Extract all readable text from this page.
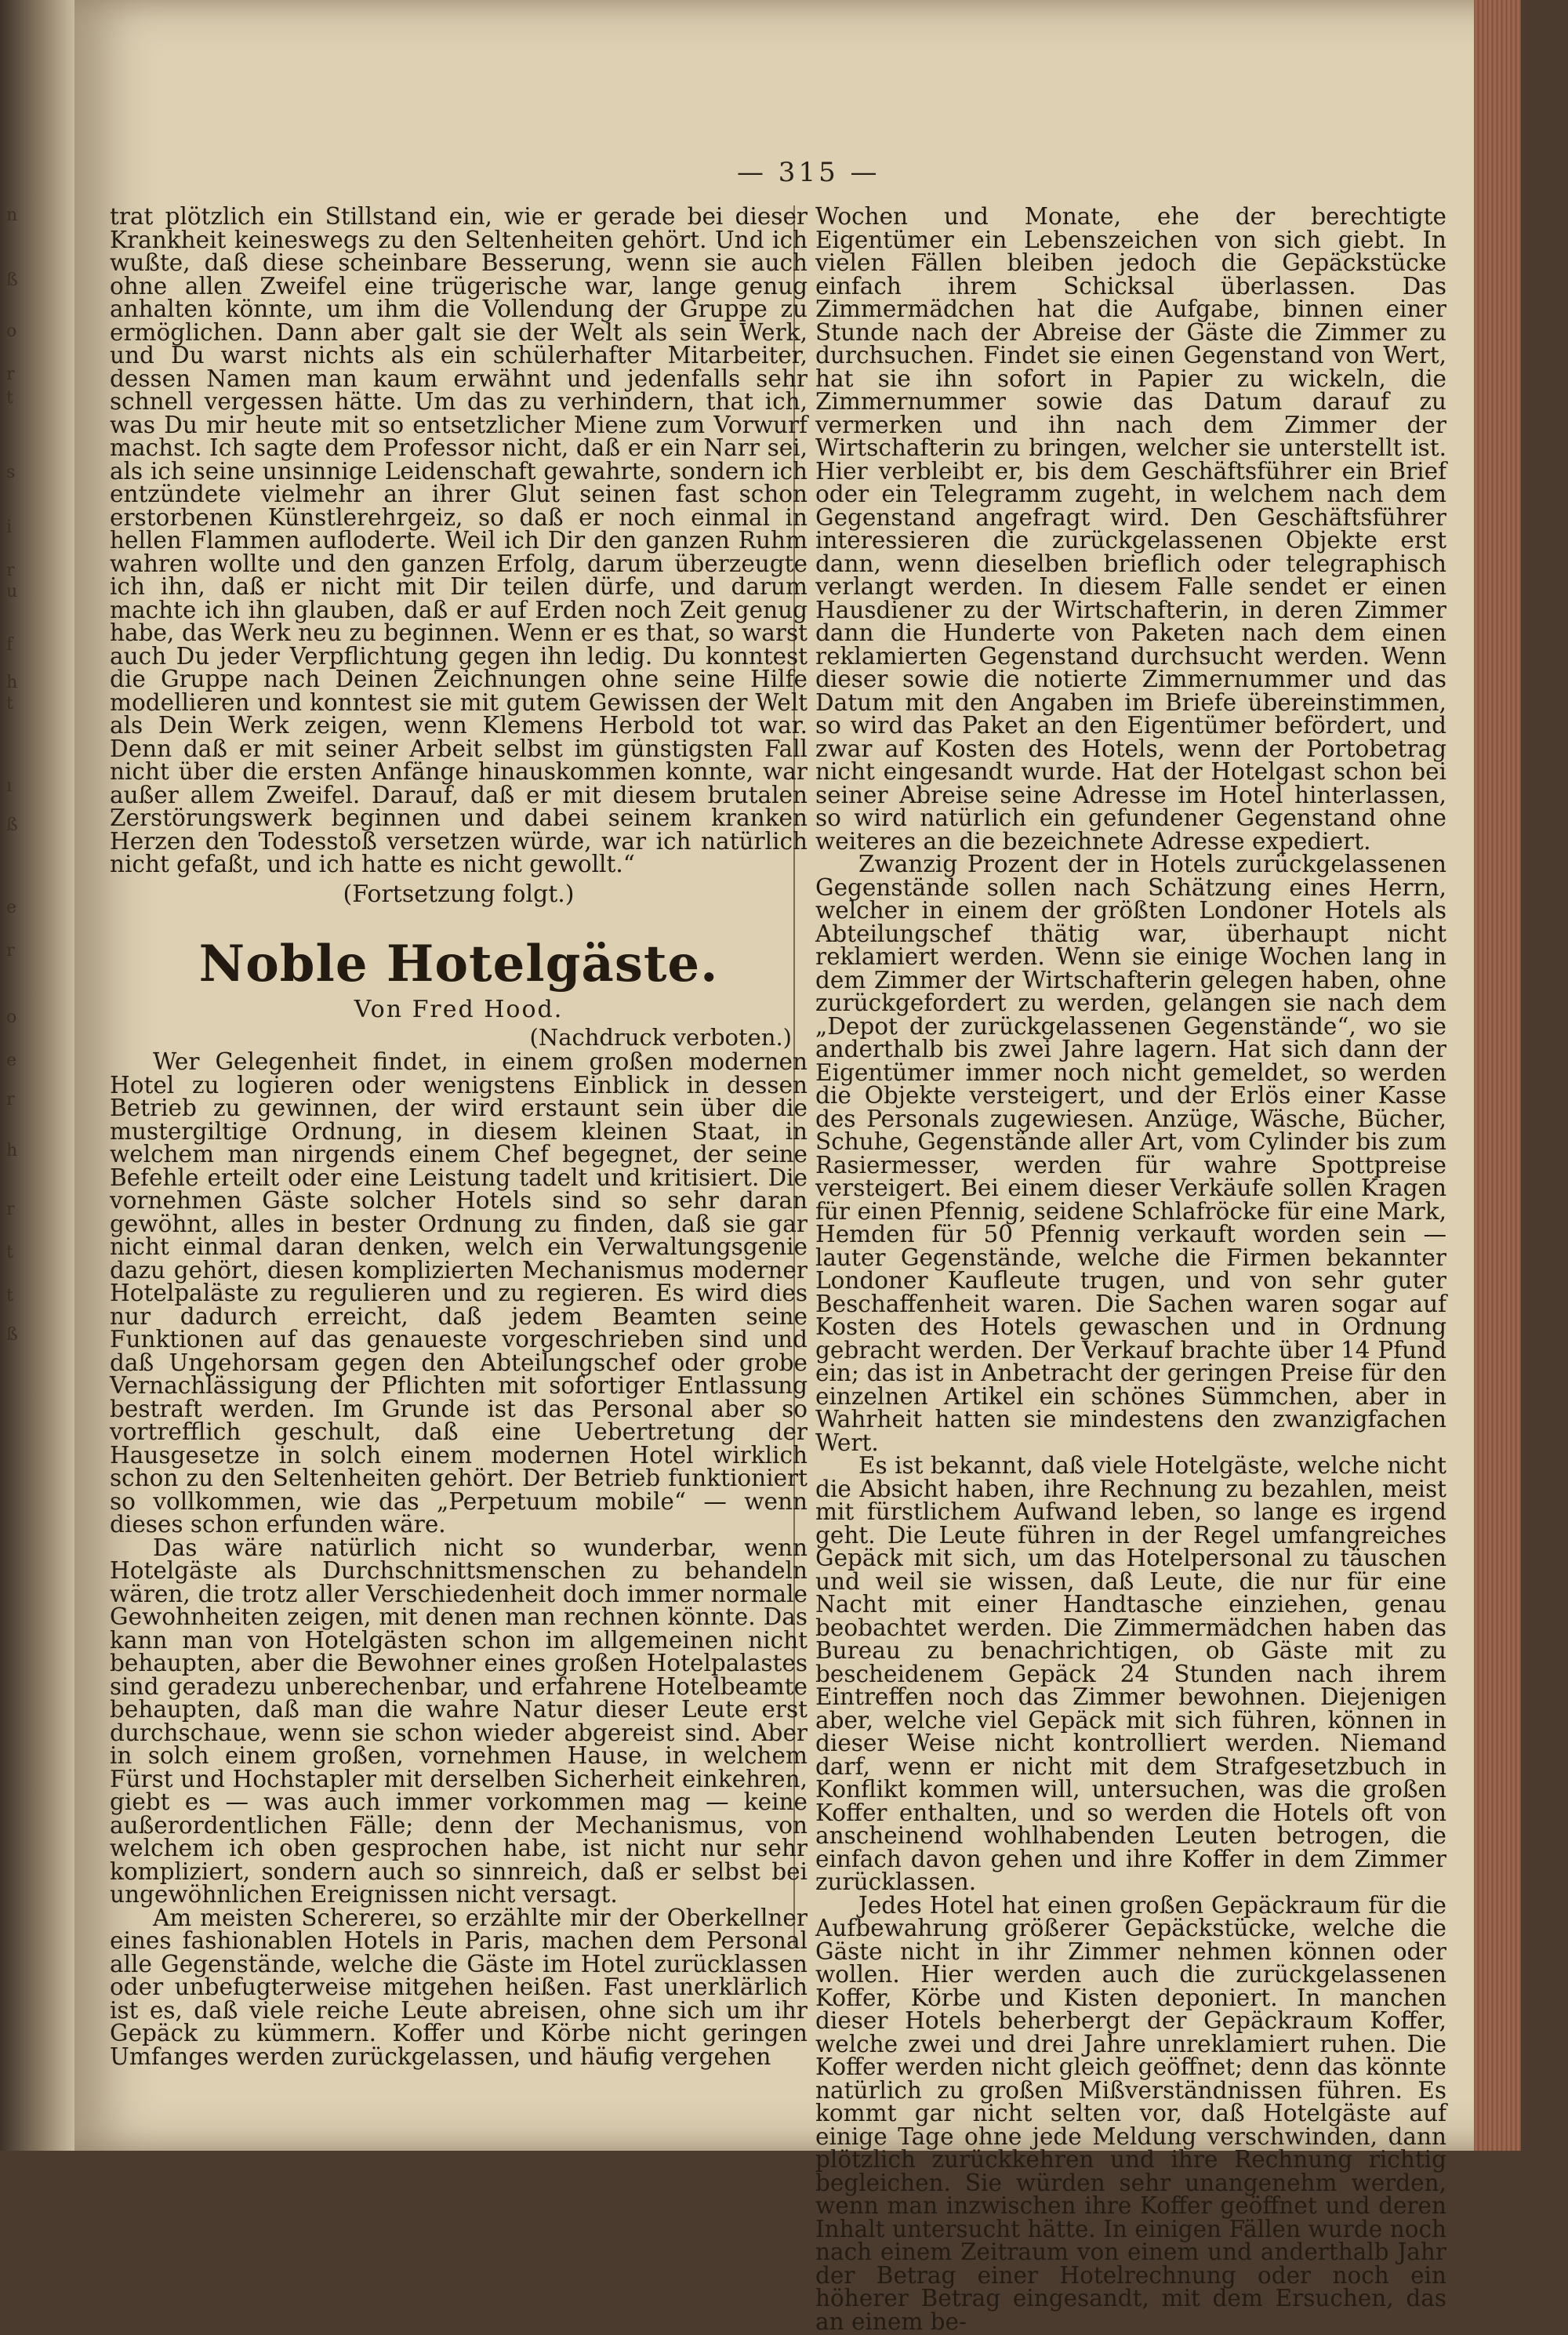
n
ß
o
r
t
s
i
r
u
f
h
t
ı
ß
e
r
o
e
r
h
r
t
t
ß
— 315 —

trat plötzlich ein Stillstand ein, wie er gerade bei dieser Krankheit keineswegs zu den Seltenheiten gehört. Und ich wußte, daß diese scheinbare Besserung, wenn sie auch ohne allen Zweifel eine trügerische war, lange genug anhalten könnte, um ihm die Vollendung der Gruppe zu ermöglichen. Dann aber galt sie der Welt als sein Werk, und Du warst nichts als ein schülerhafter Mitarbeiter, dessen Namen man kaum erwähnt und jedenfalls sehr schnell vergessen hätte. Um das zu verhindern, that ich, was Du mir heute mit so entsetzlicher Miene zum Vorwurf machst. Ich sagte dem Professor nicht, daß er ein Narr sei, als ich seine unsinnige Leidenschaft gewahrte, sondern ich entzündete vielmehr an ihrer Glut seinen fast schon erstorbenen Künstlerehrgeiz, so daß er noch einmal in hellen Flammen aufloderte. Weil ich Dir den ganzen Ruhm wahren wollte und den ganzen Erfolg, darum überzeugte ich ihn, daß er nicht mit Dir teilen dürfe, und darum machte ich ihn glauben, daß er auf Erden noch Zeit genug habe, das Werk neu zu beginnen. Wenn er es that, so warst auch Du jeder Verpflichtung gegen ihn ledig. Du konntest die Gruppe nach Deinen Zeichnungen ohne seine Hilfe modellieren und konntest sie mit gutem Gewissen der Welt als Dein Werk zeigen, wenn Klemens Herbold tot war. Denn daß er mit seiner Arbeit selbst im günstigsten Fall nicht über die ersten Anfänge hinauskommen konnte, war außer allem Zweifel. Darauf, daß er mit diesem brutalen Zerstörungswerk beginnen und dabei seinem kranken Herzen den Todesstoß versetzen würde, war ich natürlich nicht gefaßt, und ich hatte es nicht gewollt.“

(Fortsetzung folgt.)
Noble Hotelgäste.
Von Fred Hood.
(Nachdruck verboten.)

Wer Gelegenheit findet, in einem großen modernen Hotel zu logieren oder wenigstens Einblick in dessen Betrieb zu gewinnen, der wird erstaunt sein über die mustergiltige Ordnung, in diesem kleinen Staat, in welchem man nirgends einem Chef begegnet, der seine Befehle erteilt oder eine Leistung tadelt und kritisiert. Die vornehmen Gäste solcher Hotels sind so sehr daran gewöhnt, alles in bester Ordnung zu finden, daß sie gar nicht einmal daran denken, welch ein Verwaltungsgenie dazu gehört, diesen komplizierten Mechanismus moderner Hotelpaläste zu regulieren und zu regieren. Es wird dies nur dadurch erreicht, daß jedem Beamten seine Funktionen auf das genaueste vorgeschrieben sind und daß Ungehorsam gegen den Abteilungschef oder grobe Vernachlässigung der Pflichten mit sofortiger Entlassung bestraft werden. Im Grunde ist das Personal aber so vortrefflich geschult, daß eine Uebertretung der Hausgesetze in solch einem modernen Hotel wirklich schon zu den Seltenheiten gehört. Der Betrieb funktioniert so vollkommen, wie das „Perpetuum mobile“ — wenn dieses schon erfunden wäre.

Das wäre natürlich nicht so wunderbar, wenn Hotelgäste als Durchschnittsmenschen zu behandeln wären, die trotz aller Verschiedenheit doch immer normale Gewohnheiten zeigen, mit denen man rechnen könnte. Das kann man von Hotelgästen schon im allgemeinen nicht behaupten, aber die Bewohner eines großen Hotelpalastes sind geradezu unberechenbar, und erfahrene Hotelbeamte behaupten, daß man die wahre Natur dieser Leute erst durchschaue, wenn sie schon wieder abgereist sind. Aber in solch einem großen, vornehmen Hause, in welchem Fürst und Hochstapler mit derselben Sicherheit einkehren, giebt es — was auch immer vorkommen mag — keine außerordentlichen Fälle; denn der Mechanismus, von welchem ich oben gesprochen habe, ist nicht nur sehr kompliziert, sondern auch so sinnreich, daß er selbst bei ungewöhnlichen Ereignissen nicht versagt.

Am meisten Scherereı, so erzählte mir der Oberkellner eines fashionablen Hotels in Paris, machen dem Personal alle Gegenstände, welche die Gäste im Hotel zurücklassen oder unbefugterweise mitgehen heißen. Fast unerklärlich ist es, daß viele reiche Leute abreisen, ohne sich um ihr Gepäck zu kümmern. Koffer und Körbe nicht geringen Umfanges werden zurückgelassen, und häufig vergehen

Wochen und Monate, ehe der berechtigte Eigentümer ein Lebenszeichen von sich giebt. In vielen Fällen bleiben jedoch die Gepäckstücke einfach ihrem Schicksal überlassen. Das Zimmermädchen hat die Aufgabe, binnen einer Stunde nach der Abreise der Gäste die Zimmer zu durchsuchen. Findet sie einen Gegenstand von Wert, hat sie ihn sofort in Papier zu wickeln, die Zimmernummer sowie das Datum darauf zu vermerken und ihn nach dem Zimmer der Wirtschafterin zu bringen, welcher sie unterstellt ist. Hier verbleibt er, bis dem Geschäftsführer ein Brief oder ein Telegramm zugeht, in welchem nach dem Gegenstand angefragt wird. Den Geschäftsführer interessieren die zurückgelassenen Objekte erst dann, wenn dieselben brieflich oder telegraphisch verlangt werden. In diesem Falle sendet er einen Hausdiener zu der Wirtschafterin, in deren Zimmer dann die Hunderte von Paketen nach dem einen reklamierten Gegenstand durchsucht werden. Wenn dieser sowie die notierte Zimmernummer und das Datum mit den Angaben im Briefe übereinstimmen, so wird das Paket an den Eigentümer befördert, und zwar auf Kosten des Hotels, wenn der Portobetrag nicht eingesandt wurde. Hat der Hotelgast schon bei seiner Abreise seine Adresse im Hotel hinterlassen, so wird natürlich ein gefundener Gegenstand ohne weiteres an die bezeichnete Adresse expediert.

Zwanzig Prozent der in Hotels zurückgelassenen Gegenstände sollen nach Schätzung eines Herrn, welcher in einem der größten Londoner Hotels als Abteilungschef thätig war, überhaupt nicht reklamiert werden. Wenn sie einige Wochen lang in dem Zimmer der Wirtschafterin gelegen haben, ohne zurückgefordert zu werden, gelangen sie nach dem „Depot der zurückgelassenen Gegenstände“, wo sie anderthalb bis zwei Jahre lagern. Hat sich dann der Eigentümer immer noch nicht gemeldet, so werden die Objekte versteigert, und der Erlös einer Kasse des Personals zugewiesen. Anzüge, Wäsche, Bücher, Schuhe, Gegenstände aller Art, vom Cylinder bis zum Rasiermesser, werden für wahre Spottpreise versteigert. Bei einem dieser Verkäufe sollen Kragen für einen Pfennig, seidene Schlafröcke für eine Mark, Hemden für 50 Pfennig verkauft worden sein — lauter Gegenstände, welche die Firmen bekannter Londoner Kaufleute trugen, und von sehr guter Beschaffenheit waren. Die Sachen waren sogar auf Kosten des Hotels gewaschen und in Ordnung gebracht werden. Der Verkauf brachte über 14 Pfund ein; das ist in Anbetracht der geringen Preise für den einzelnen Artikel ein schönes Sümmchen, aber in Wahrheit hatten sie mindestens den zwanzigfachen Wert.

Es ist bekannt, daß viele Hotelgäste, welche nicht die Absicht haben, ihre Rechnung zu bezahlen, meist mit fürstlichem Aufwand leben, so lange es irgend geht. Die Leute führen in der Regel umfangreiches Gepäck mit sich, um das Hotelpersonal zu täuschen und weil sie wissen, daß Leute, die nur für eine Nacht mit einer Handtasche einziehen, genau beobachtet werden. Die Zimmermädchen haben das Bureau zu benachrichtigen, ob Gäste mit zu bescheidenem Gepäck 24 Stunden nach ihrem Eintreffen noch das Zimmer bewohnen. Diejenigen aber, welche viel Gepäck mit sich führen, können in dieser Weise nicht kontrolliert werden. Niemand darf, wenn er nicht mit dem Strafgesetzbuch in Konflikt kommen will, untersuchen, was die großen Koffer enthalten, und so werden die Hotels oft von anscheinend wohlhabenden Leuten betrogen, die einfach davon gehen und ihre Koffer in dem Zimmer zurücklassen.

Jedes Hotel hat einen großen Gepäckraum für die Aufbewahrung größerer Gepäckstücke, welche die Gäste nicht in ihr Zimmer nehmen können oder wollen. Hier werden auch die zurückgelassenen Koffer, Körbe und Kisten deponiert. In manchen dieser Hotels beherbergt der Gepäckraum Koffer, welche zwei und drei Jahre unreklamiert ruhen. Die Koffer werden nicht gleich geöffnet; denn das könnte natürlich zu großen Mißverständnissen führen. Es kommt gar nicht selten vor, daß Hotelgäste auf einige Tage ohne jede Meldung verschwinden, dann plötzlich zurückkehren und ihre Rechnung richtig begleichen. Sie würden sehr unangenehm werden, wenn man inzwischen ihre Koffer geöffnet und deren Inhalt untersucht hätte. In einigen Fällen wurde noch nach einem Zeitraum von einem und anderthalb Jahr der Betrag einer Hotelrechnung oder noch ein höherer Betrag eingesandt, mit dem Ersuchen, das an einem be-
